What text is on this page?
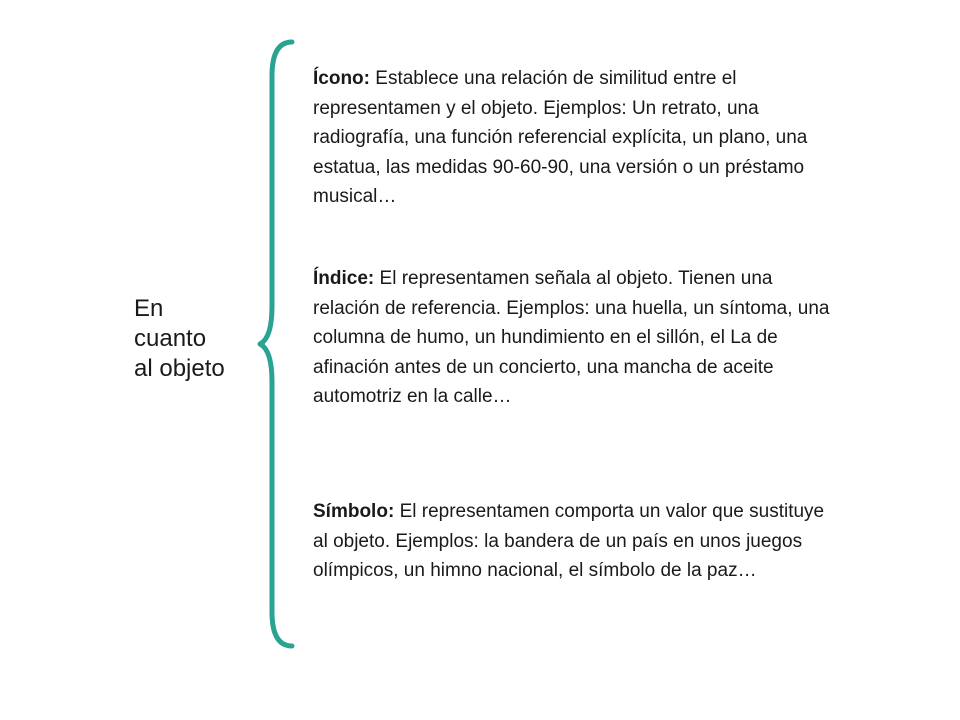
En
cuanto
al objeto
Ícono: Establece una relación de similitud entre el representamen y el objeto. Ejemplos: Un retrato, una radiografía, una función referencial explícita, un plano, una estatua, las medidas 90-60-90, una versión o un préstamo musical…
Índice: El representamen señala al objeto. Tienen una relación de referencia. Ejemplos: una huella, un síntoma, una columna de humo, un hundimiento en el sillón, el La de afinación antes de un concierto, una mancha de aceite automotriz en la calle…
Símbolo: El representamen comporta un valor que sustituye al objeto. Ejemplos: la bandera de un país en unos juegos olímpicos, un himno nacional, el símbolo de la paz…
